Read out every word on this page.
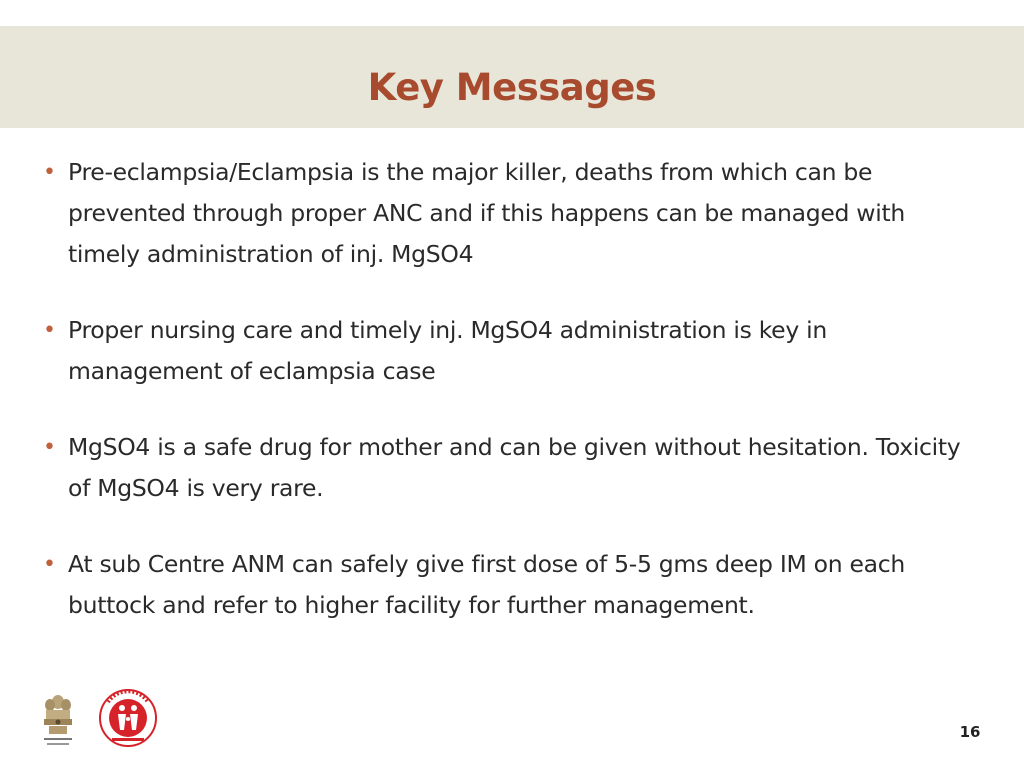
Key Messages
• Pre-eclampsia/Eclampsia is the major killer, deaths from which can be prevented through proper ANC and if this happens can be managed with timely administration of inj. MgSO4
• Proper nursing care and timely inj. MgSO4 administration is key in management of eclampsia case
• MgSO4 is a safe drug for mother and can be given without hesitation. Toxicity of MgSO4 is very rare.
• At sub Centre ANM can safely give first dose of 5-5 gms deep IM on each buttock and refer to higher facility for further management.
16
